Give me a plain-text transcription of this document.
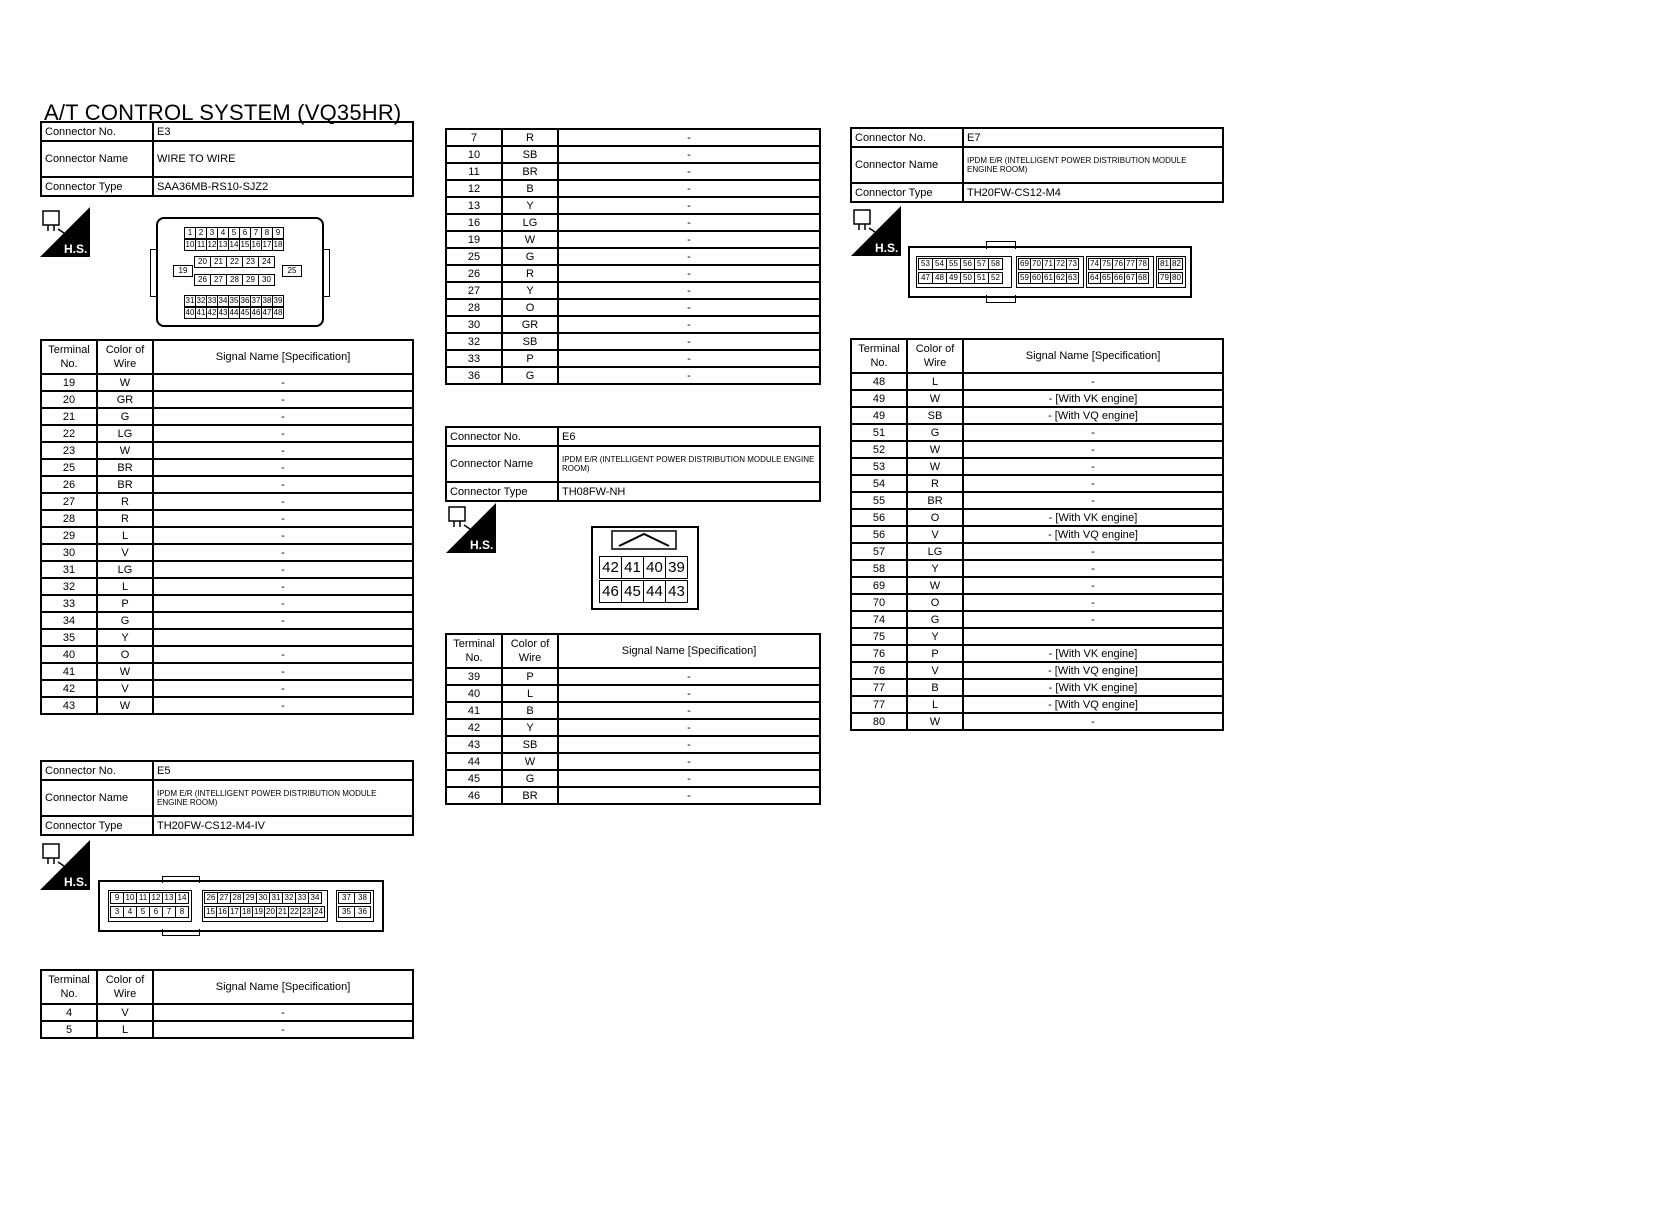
A/T CONTROL SYSTEM (VQ35HR)
Connector No.	E3
Connector Name	WIRE TO WIRE
Connector Type	SAA36MB-RS10-SJZ2
H.S.
1 2 3 4 5 6 7 8 9
10 11 12 13 14 15 16 17 18
20 21 22 23 24
26 27 28 29 30
19	25
31 32 33 34 35 36 37 38 39
40 41 42 43 44 45 46 47 48
Terminal No.	Color of Wire	Signal Name [Specification]
19	W	-
20	GR	-
21	G	-
22	LG	-
23	W	-
25	BR	-
26	BR	-
27	R	-
28	R	-
29	L	-
30	V	-
31	LG	-
32	L	-
33	P	-
34	G	-
35	Y	
40	O	-
41	W	-
42	V	-
43	W	-
Connector No.	E5
Connector Name	IPDM E/R (INTELLIGENT POWER DISTRIBUTION MODULE ENGINE ROOM)
Connector Type	TH20FW-CS12-M4-IV
H.S.
9 10 11 12 13 14
3	4	5	6	7	8
26 27 28 29 30 31 32 33 34
15 16 17 18 19 20 21 22 23 24
37 38
35 36
Terminal No.	Color of Wire	Signal Name [Specification]
4	V	-
5	L	-
7	R	-
10	SB	-
11	BR	-
12	B	-
13	Y	-
16	LG	-
19	W	-
25	G	-
26	R	-
27	Y	-
28	O	-
30	GR	-
32	SB	-
33	P	-
36	G	-
Connector No.	E6
Connector Name	IPDM E/R (INTELLIGENT POWER DISTRIBUTION MODULE ENGINE ROOM)
Connector Type	TH08FW-NH
H.S.
42 41 40 39
46 45 44 43
Terminal No.	Color of Wire	Signal Name [Specification]
39	P	-
40	L	-
41	B	-
42	Y	-
43	SB	-
44	W	-
45	G	-
46	BR	-
Connector No.	E7
Connector Name	IPDM E/R (INTELLIGENT POWER DISTRIBUTION MODULE ENGINE ROOM)
Connector Type	TH20FW-CS12-M4
H.S.
53 54 55 56 57 58
47 48 49 50 51 52
69 70 71 72 73
59 60 61 62 63
74 75 76 77 78
64 65 66 67 68
81 82
79 80
Terminal No.	Color of Wire	Signal Name [Specification]
48	L	-
49	W	- [With VK engine]
49	SB	- [With VQ engine]
51	G	-
52	W	-
53	W	-
54	R	-
55	BR	-
56	O	- [With VK engine]
56	V	- [With VQ engine]
57	LG	-
58	Y	-
69	W	-
70	O	-
74	G	-
75	Y	
76	P	- [With VK engine]
76	V	- [With VQ engine]
77	B	- [With VK engine]
77	L	- [With VQ engine]
80	W	-
